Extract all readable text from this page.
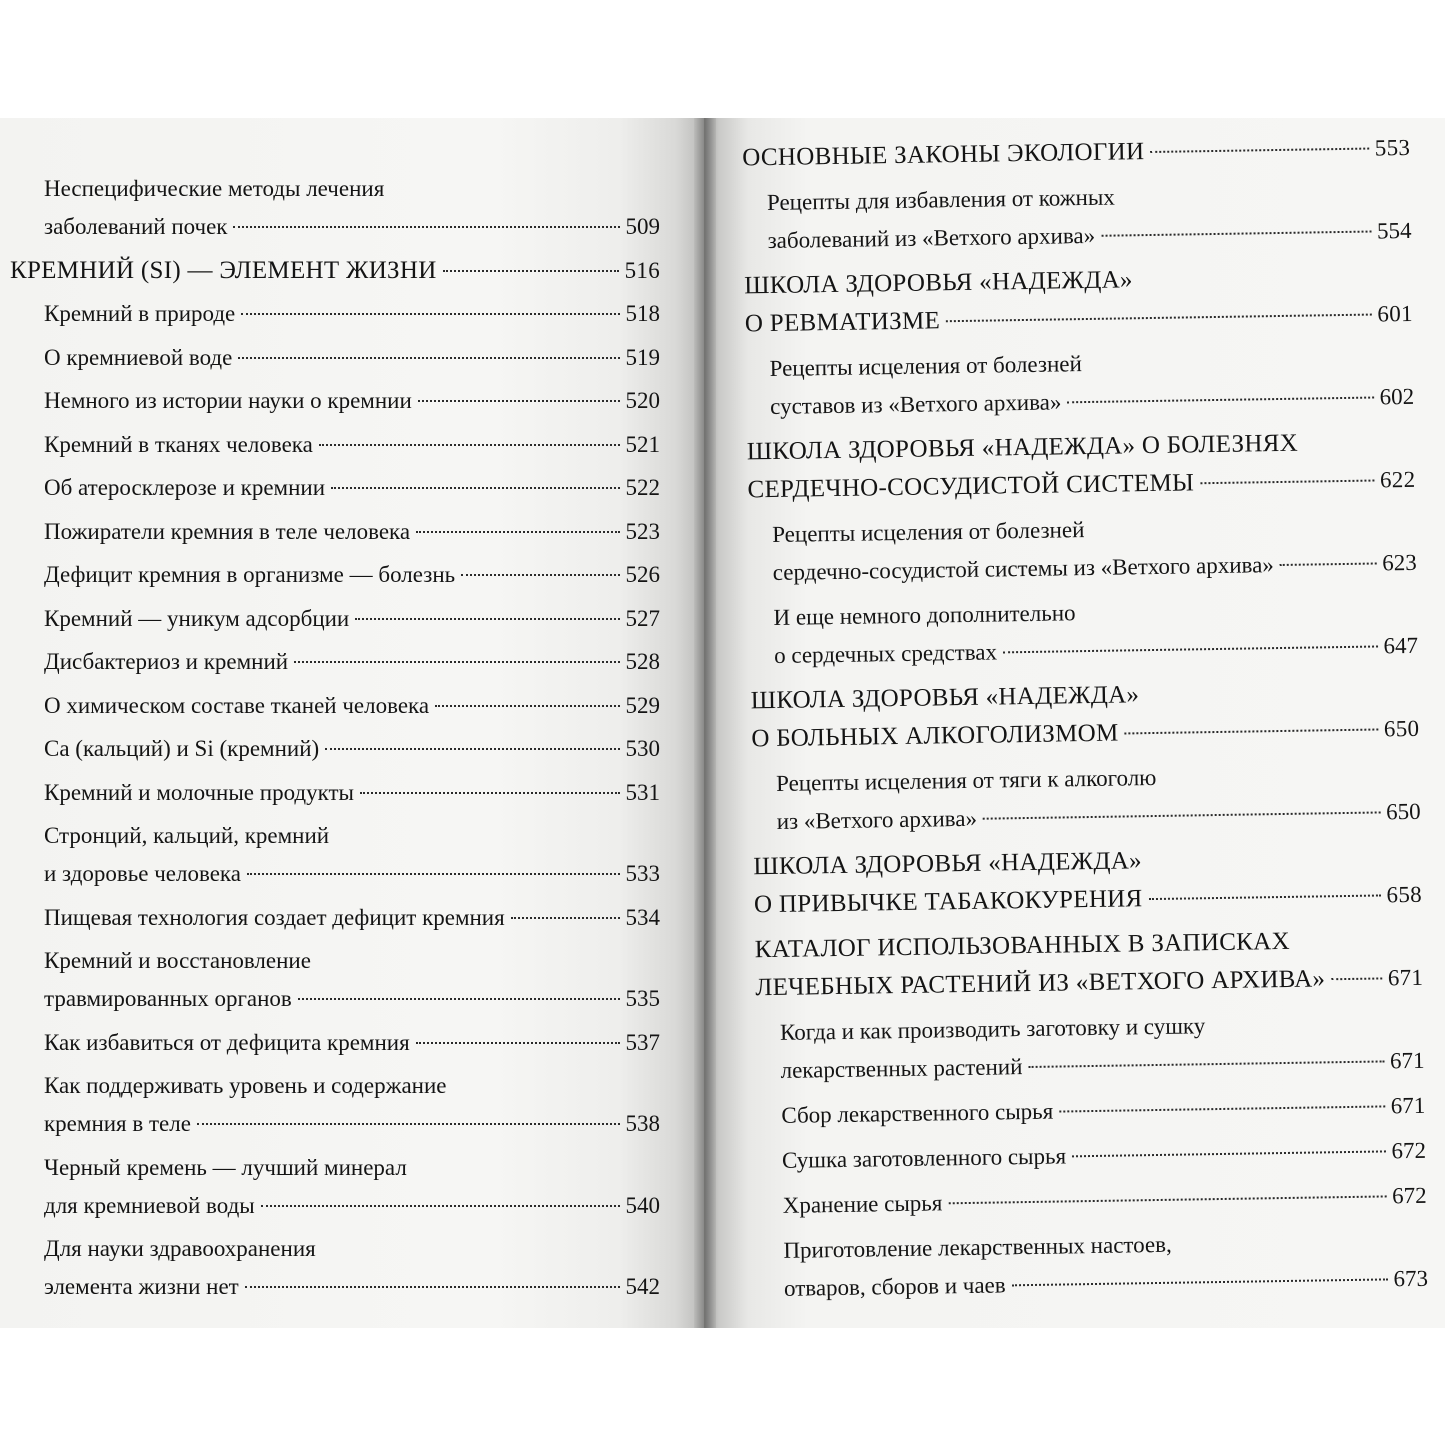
Неспецифические методы лечения
заболеваний почек	509
КРЕМНИЙ (SI) — ЭЛЕМЕНТ ЖИЗНИ	516
Кремний в природе	518
О кремниевой воде	519
Немного из истории науки о кремнии	520
Кремний в тканях человека	521
Об атеросклерозе и кремнии	522
Пожиратели кремния в теле человека	523
Дефицит кремния в организме — болезнь	526
Кремний — уникум адсорбции	527
Дисбактериоз и кремний	528
О химическом составе тканей человека	529
Ca (кальций) и Si (кремний)	530
Кремний и молочные продукты	531
Стронций, кальций, кремний
и здоровье человека	533
Пищевая технология создает дефицит кремния	534
Кремний и восстановление
травмированных органов	535
Как избавиться от дефицита кремния	537
Как поддерживать уровень и содержание
кремния в теле	538
Черный кремень — лучший минерал
для кремниевой воды	540
Для науки здравоохранения
элемента жизни нет	542
ОСНОВНЫЕ ЗАКОНЫ ЭКОЛОГИИ	553
Рецепты для избавления от кожных
заболеваний из «Ветхого архива»	554
ШКОЛА ЗДОРОВЬЯ «НАДЕЖДА»
О РЕВМАТИЗМЕ	601
Рецепты исцеления от болезней
суставов из «Ветхого архива»	602
ШКОЛА ЗДОРОВЬЯ «НАДЕЖДА» О БОЛЕЗНЯХ
СЕРДЕЧНО-СОСУДИСТОЙ СИСТЕМЫ	622
Рецепты исцеления от болезней
сердечно-сосудистой системы из «Ветхого архива»	623
И еще немного дополнительно
о сердечных средствах	647
ШКОЛА ЗДОРОВЬЯ «НАДЕЖДА»
О БОЛЬНЫХ АЛКОГОЛИЗМОМ	650
Рецепты исцеления от тяги к алкоголю
из «Ветхого архива»	650
ШКОЛА ЗДОРОВЬЯ «НАДЕЖДА»
О ПРИВЫЧКЕ ТАБАКОКУРЕНИЯ	658
КАТАЛОГ ИСПОЛЬЗОВАННЫХ В ЗАПИСКАХ
ЛЕЧЕБНЫХ РАСТЕНИЙ ИЗ «ВЕТХОГО АРХИВА»	671
Когда и как производить заготовку и сушку
лекарственных растений	671
Сбор лекарственного сырья	671
Сушка заготовленного сырья	672
Хранение сырья	672
Приготовление лекарственных настоев,
отваров, сборов и чаев	673
